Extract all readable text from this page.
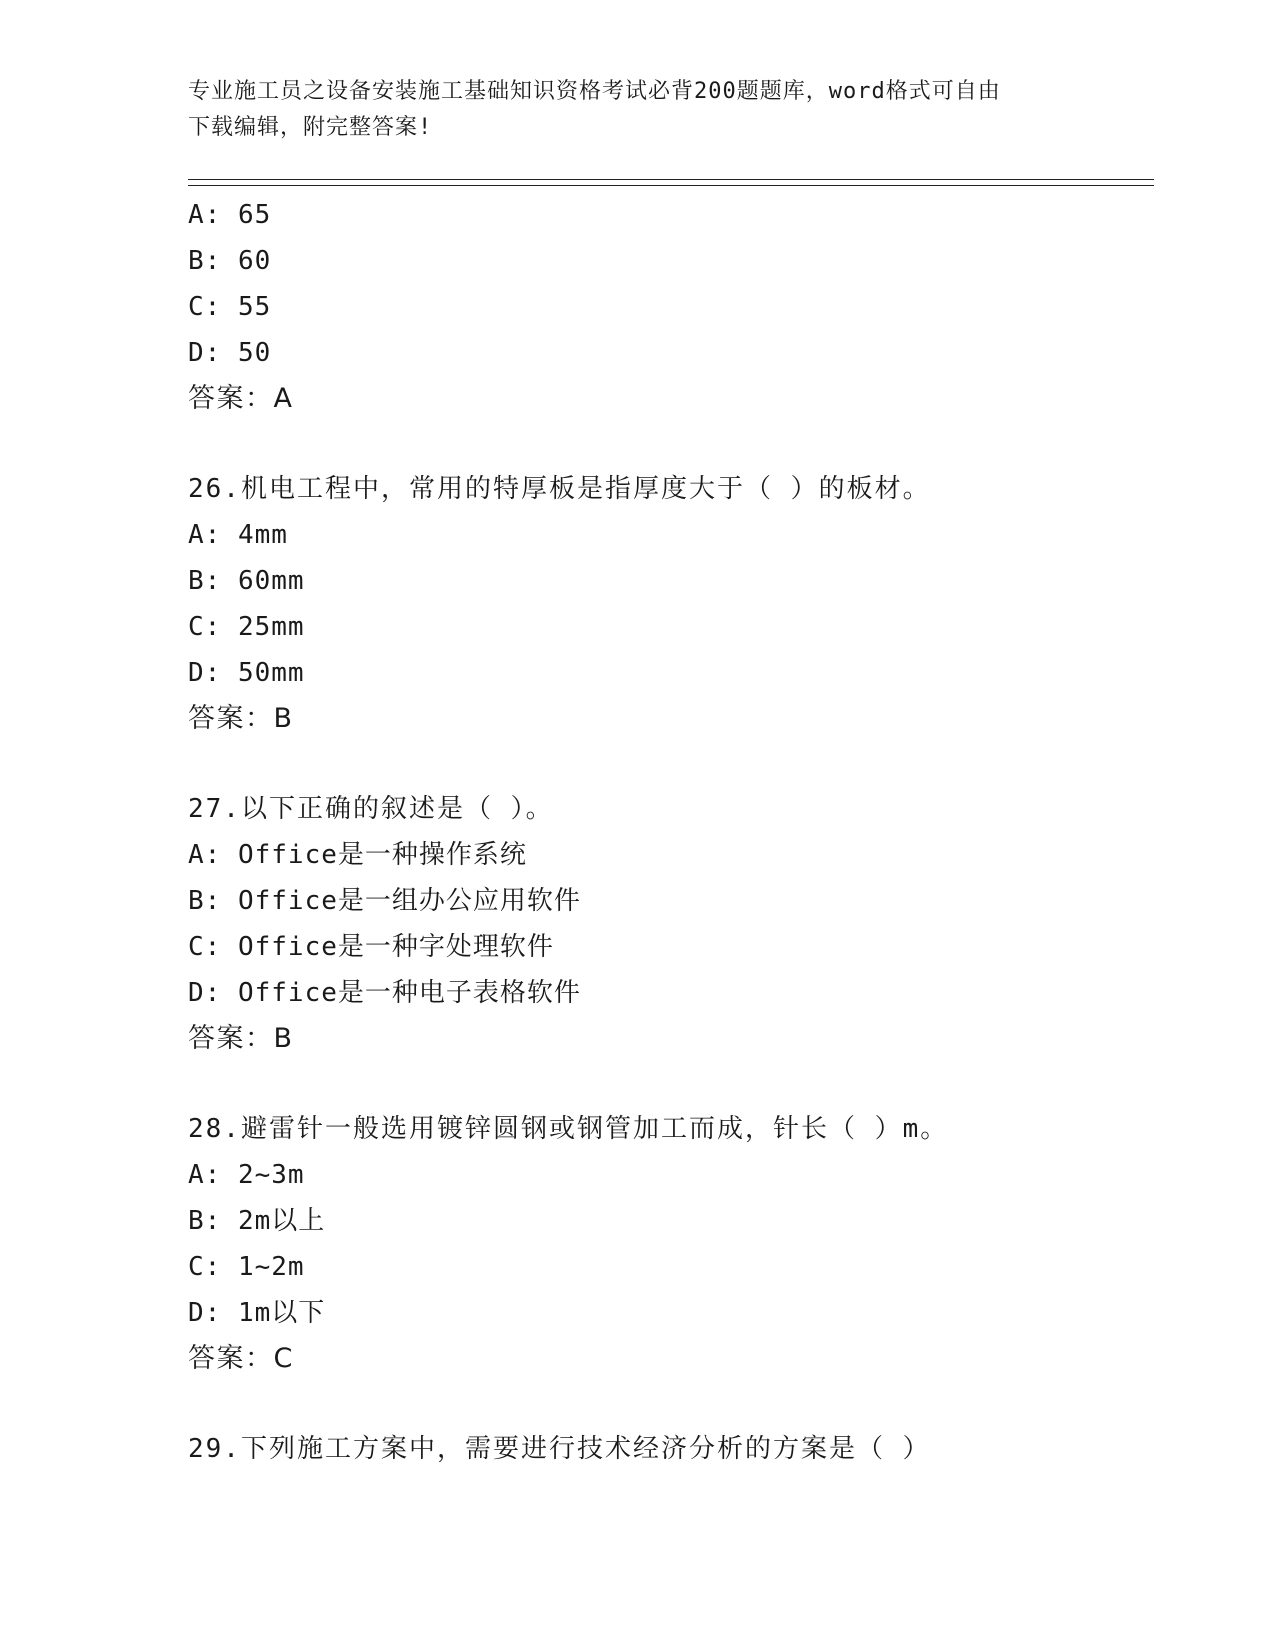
专业施工员之设备安装施工基础知识资格考试必背200题题库，word格式可自由
下载编辑，附完整答案!
A: 65
B: 60
C: 55
D: 50
答案：A
26.机电工程中，常用的特厚板是指厚度大于（ ）的板材。
A: 4mm
B: 60mm
C: 25mm
D: 50mm
答案：B
27.以下正确的叙述是（ ）。
A: Office是一种操作系统
B: Office是一组办公应用软件
C: Office是一种字处理软件
D: Office是一种电子表格软件
答案：B
28.避雷针一般选用镀锌圆钢或钢管加工而成，针长（ ）m。
A: 2~3m
B: 2m以上
C: 1~2m
D: 1m以下
答案：C
29.下列施工方案中，需要进行技术经济分析的方案是（ ）
